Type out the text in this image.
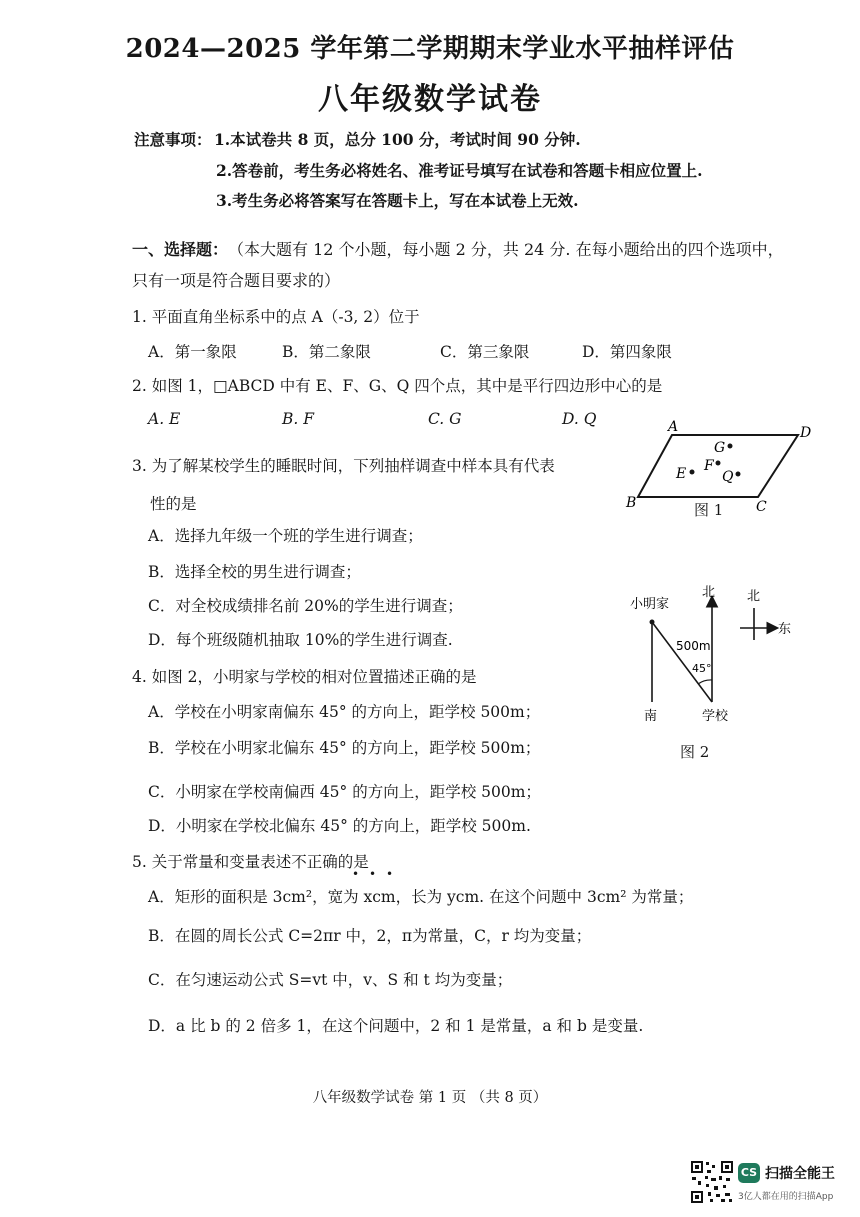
2024—2025 学年第二学期期末学业水平抽样评估
八年级数学试卷
注意事项： 1.本试卷共 8 页，总分 100 分，考试时间 90 分钟.
2.答卷前，考生务必将姓名、准考证号填写在试卷和答题卡相应位置上.
3.考生务必将答案写在答题卡上，写在本试卷上无效.
一、选择题： （本大题有 12 个小题，每小题 2 分，共 24 分. 在每小题给出的四个选项中，
只有一项是符合题目要求的）
1. 平面直角坐标系中的点 A（-3, 2）位于
A．第一象限	B．第二象限	C．第三象限	D．第四象限
2. 如图 1，□ABCD 中有 E、F、G、Q 四个点，其中是平行四边形中心的是
A. E	B. F	C. G	D. Q	A	D
B	C
G
F
E	Q
图 1
3. 为了解某校学生的睡眠时间，下列抽样调查中样本具有代表
性的是
A．选择九年级一个班的学生进行调查；
B．选择全校的男生进行调查；
C．对全校成绩排名前 20%的学生进行调查；
D．每个班级随机抽取 10%的学生进行调查.
小明家
北
南	学校
500m
45°
北
东
图 2
4. 如图 2，小明家与学校的相对位置描述正确的是
A．学校在小明家南偏东 45° 的方向上，距学校 500m；
B．学校在小明家北偏东 45° 的方向上，距学校 500m；
C．小明家在学校南偏西 45° 的方向上，距学校 500m；
D．小明家在学校北偏东 45° 的方向上，距学校 500m.
5. 关于常量和变量表述不正确的是
• • •
A．矩形的面积是 3cm²，宽为 xcm，长为 ycm. 在这个问题中 3cm² 为常量；
B．在圆的周长公式 C=2πr 中，2，π为常量，C，r 均为变量；
C．在匀速运动公式 S=vt 中，v、S 和 t 均为变量；
D．a 比 b 的 2 倍多 1，在这个问题中，2 和 1 是常量，a 和 b 是变量.
八年级数学试卷 第 1 页 （共 8 页）
CS 扫描全能王
3亿人都在用的扫描App
